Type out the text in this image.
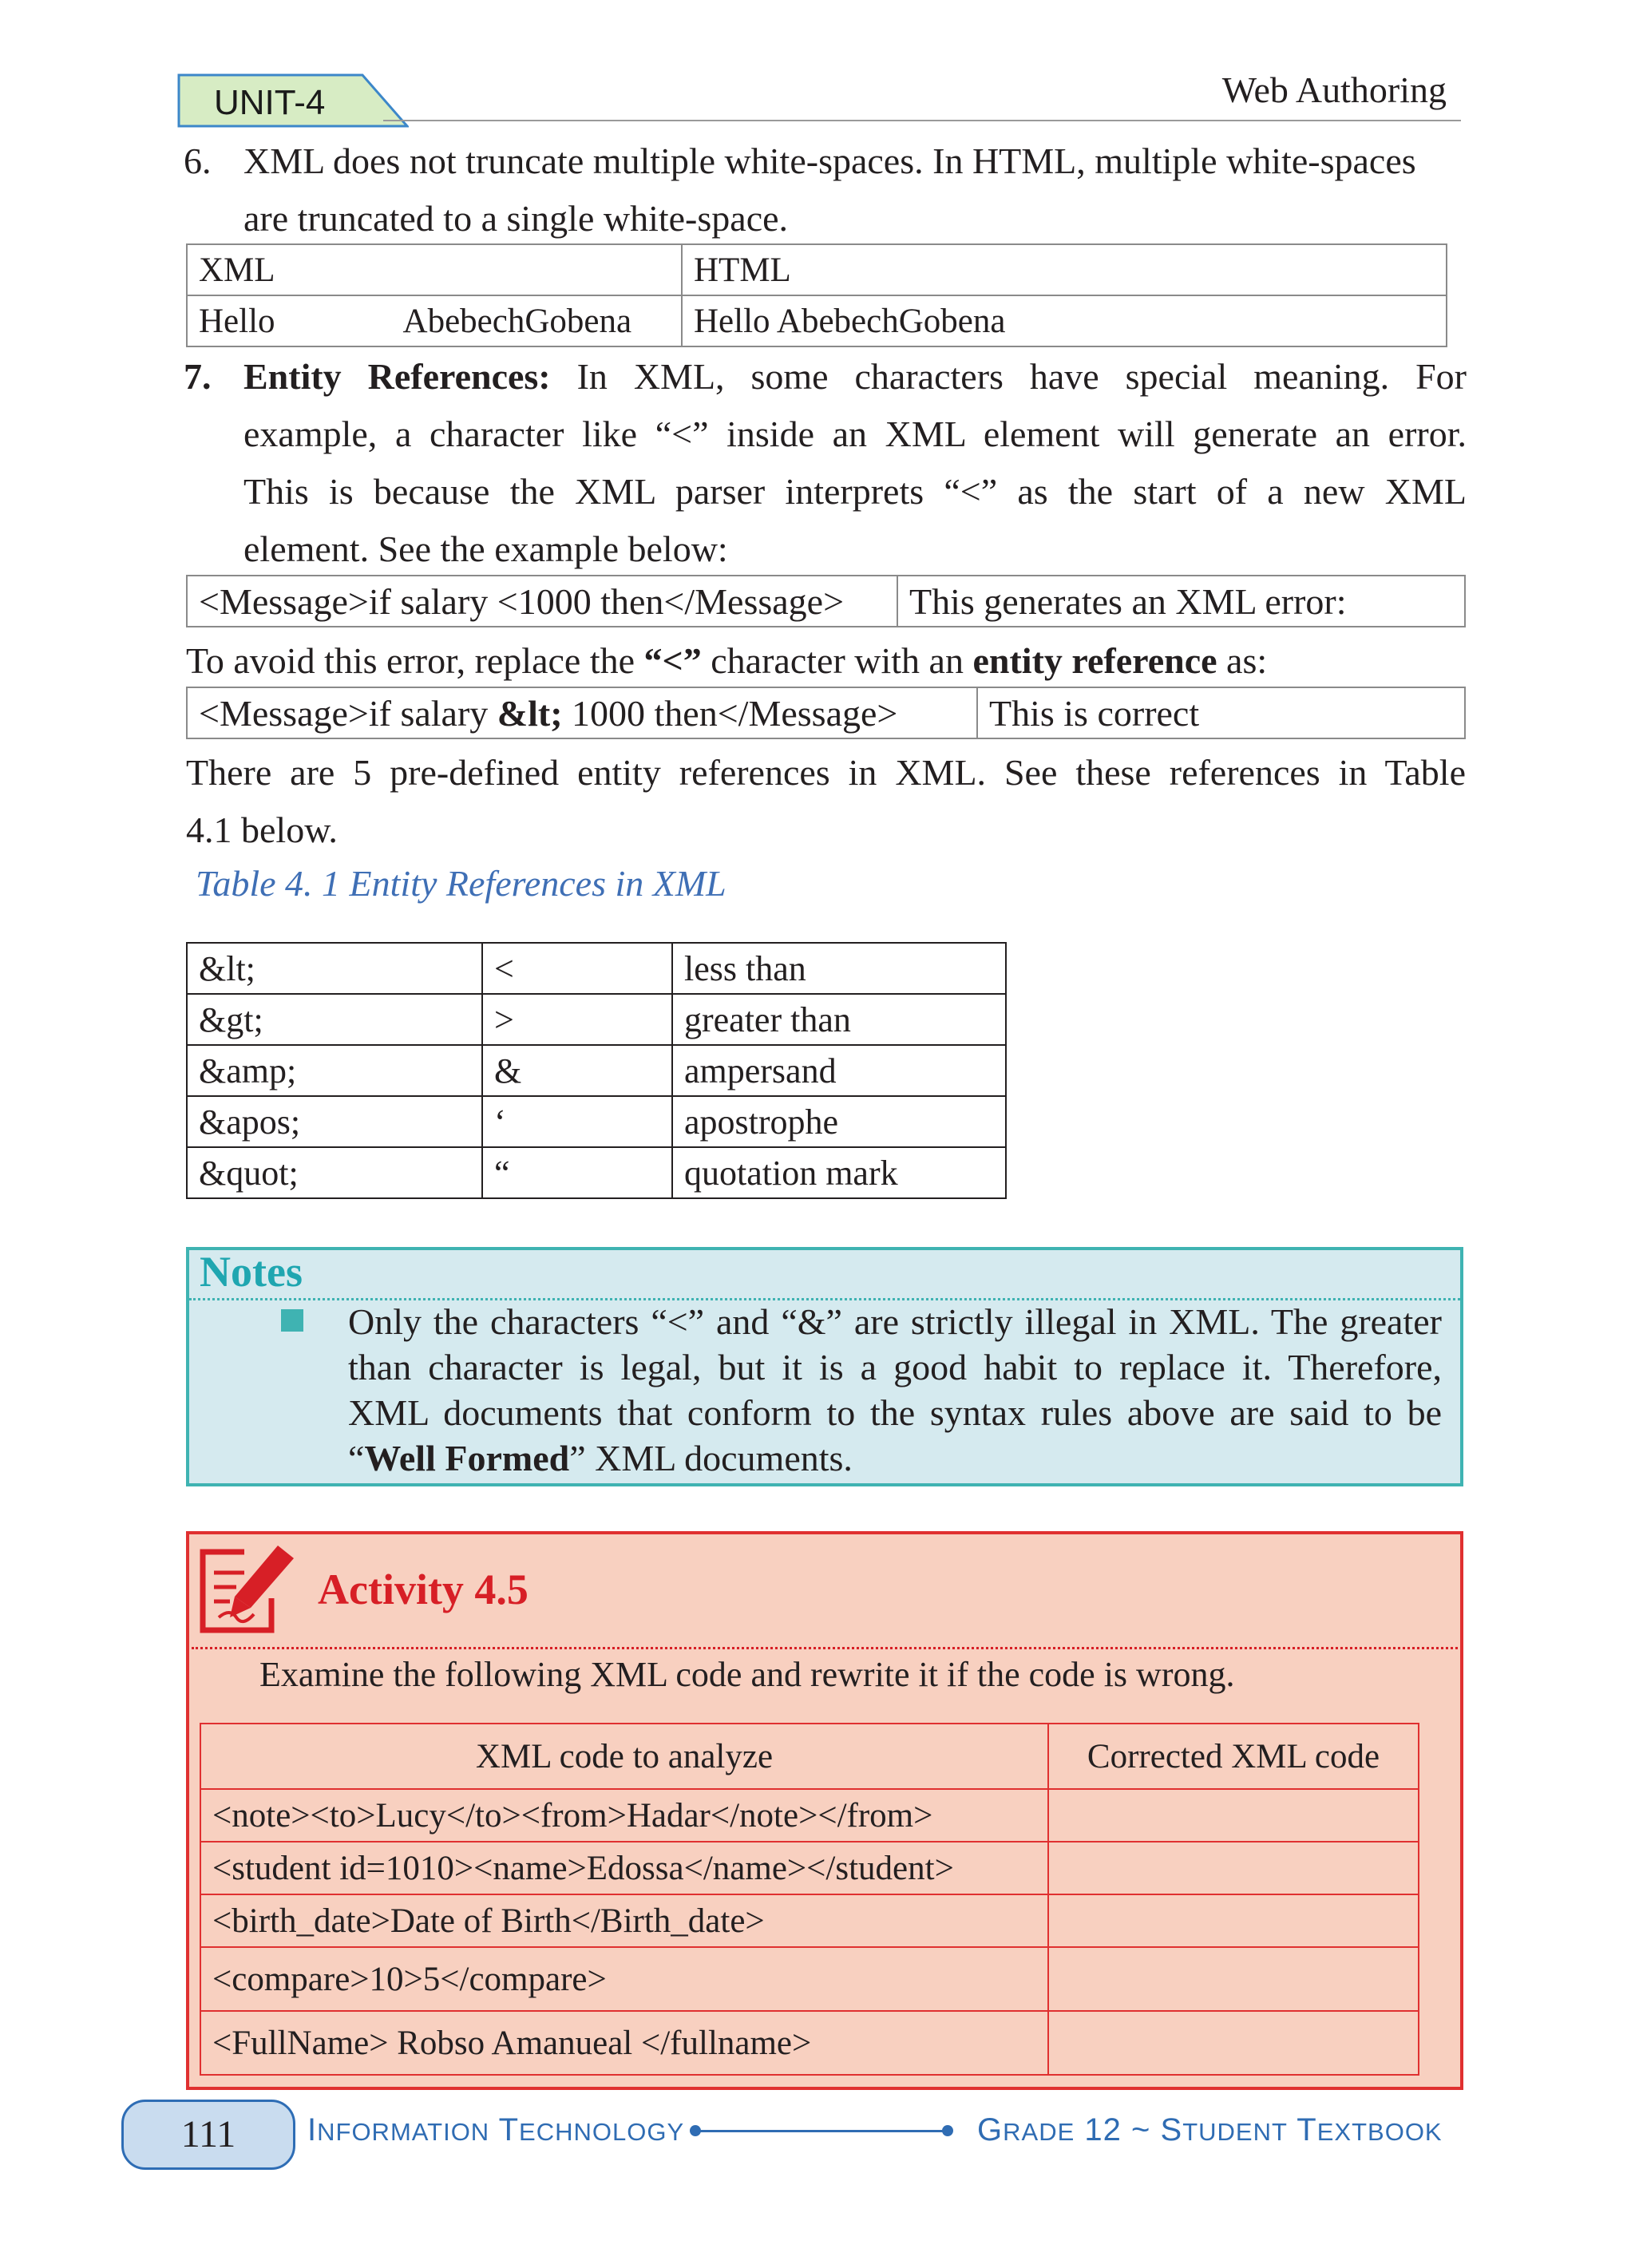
UNIT-4	Web Authoring
6. XML does not truncate multiple white-spaces. In HTML, multiple white-spaces
are truncated to a single white-space.
XML	HTML
Hello AbebechGobena	Hello AbebechGobena
7. Entity References: In XML, some characters have special meaning. For
example, a character like “<” inside an XML element will generate an error.
This is because the XML parser interprets “<” as the start of a new XML
element. See the example below:
<Message>if salary <1000 then</Message>	This generates an XML error:
To avoid this error, replace the “<” character with an entity reference as:
<Message>if salary &lt; 1000 then</Message>	This is correct
There are 5 pre-defined entity references in XML. See these references in Table
4.1 below.
Table 4. 1 Entity References in XML
&lt;	<	less than
&gt;	>	greater than
&amp;	&	ampersand
&apos;	‘	apostrophe
&quot;	“	quotation mark
Notes
Only the characters “<” and “&” are strictly illegal in XML. The greater
than character is legal, but it is a good habit to replace it. Therefore,
XML documents that conform to the syntax rules above are said to be
“Well Formed” XML documents.
Activity 4.5
Examine the following XML code and rewrite it if the code is wrong.
XML code to analyze	Corrected XML code
<note><to>Lucy</to><from>Hadar</note></from>	
<student id=1010><name>Edossa</name></student>	
<birth_date>Date of Birth</Birth_date>	
<compare>10>5</compare>	
<FullName> Robso Amanueal </fullname>	
111	INFORMATION TECHNOLOGY	GRADE 12 ~ STUDENT TEXTBOOK
